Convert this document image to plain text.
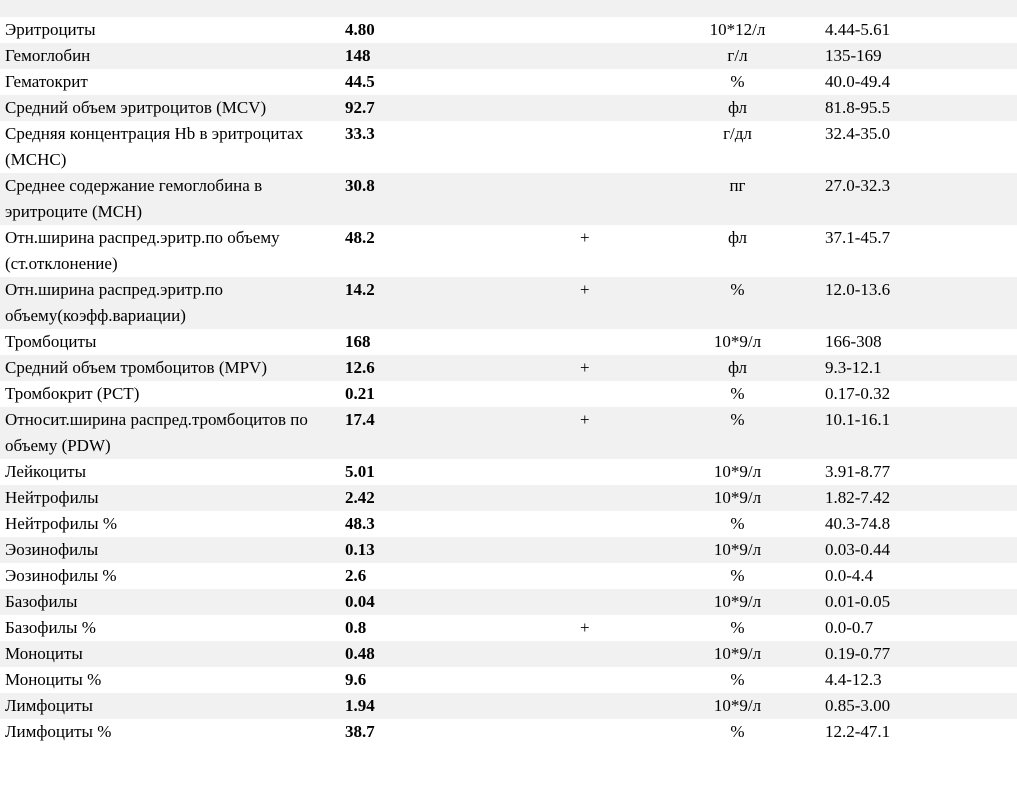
Эритроциты	4.80		10*12/л	4.44-5.61
Гемоглобин	148		г/л	135-169
Гематокрит	44.5		%	40.0-49.4
Средний объем эритроцитов (MCV)	92.7		фл	81.8-95.5
Средняя концентрация Hb в эритроцитах (MCHC)	33.3		г/дл	32.4-35.0
Среднее содержание гемоглобина в эритроците (MCH)	30.8		пг	27.0-32.3
Отн.ширина распред.эритр.по объему (ст.отклонение)	48.2	+	фл	37.1-45.7
Отн.ширина распред.эритр.по объему(коэфф.вариации)	14.2	+	%	12.0-13.6
Тромбоциты	168		10*9/л	166-308
Средний объем тромбоцитов (MPV)	12.6	+	фл	9.3-12.1
Тромбокрит (PCT)	0.21		%	0.17-0.32
Относит.ширина распред.тромбоцитов по объему (PDW)	17.4	+	%	10.1-16.1
Лейкоциты	5.01		10*9/л	3.91-8.77
Нейтрофилы	2.42		10*9/л	1.82-7.42
Нейтрофилы %	48.3		%	40.3-74.8
Эозинофилы	0.13		10*9/л	0.03-0.44
Эозинофилы %	2.6		%	0.0-4.4
Базофилы	0.04		10*9/л	0.01-0.05
Базофилы %	0.8	+	%	0.0-0.7
Моноциты	0.48		10*9/л	0.19-0.77
Моноциты %	9.6		%	4.4-12.3
Лимфоциты	1.94		10*9/л	0.85-3.00
Лимфоциты %	38.7		%	12.2-47.1
